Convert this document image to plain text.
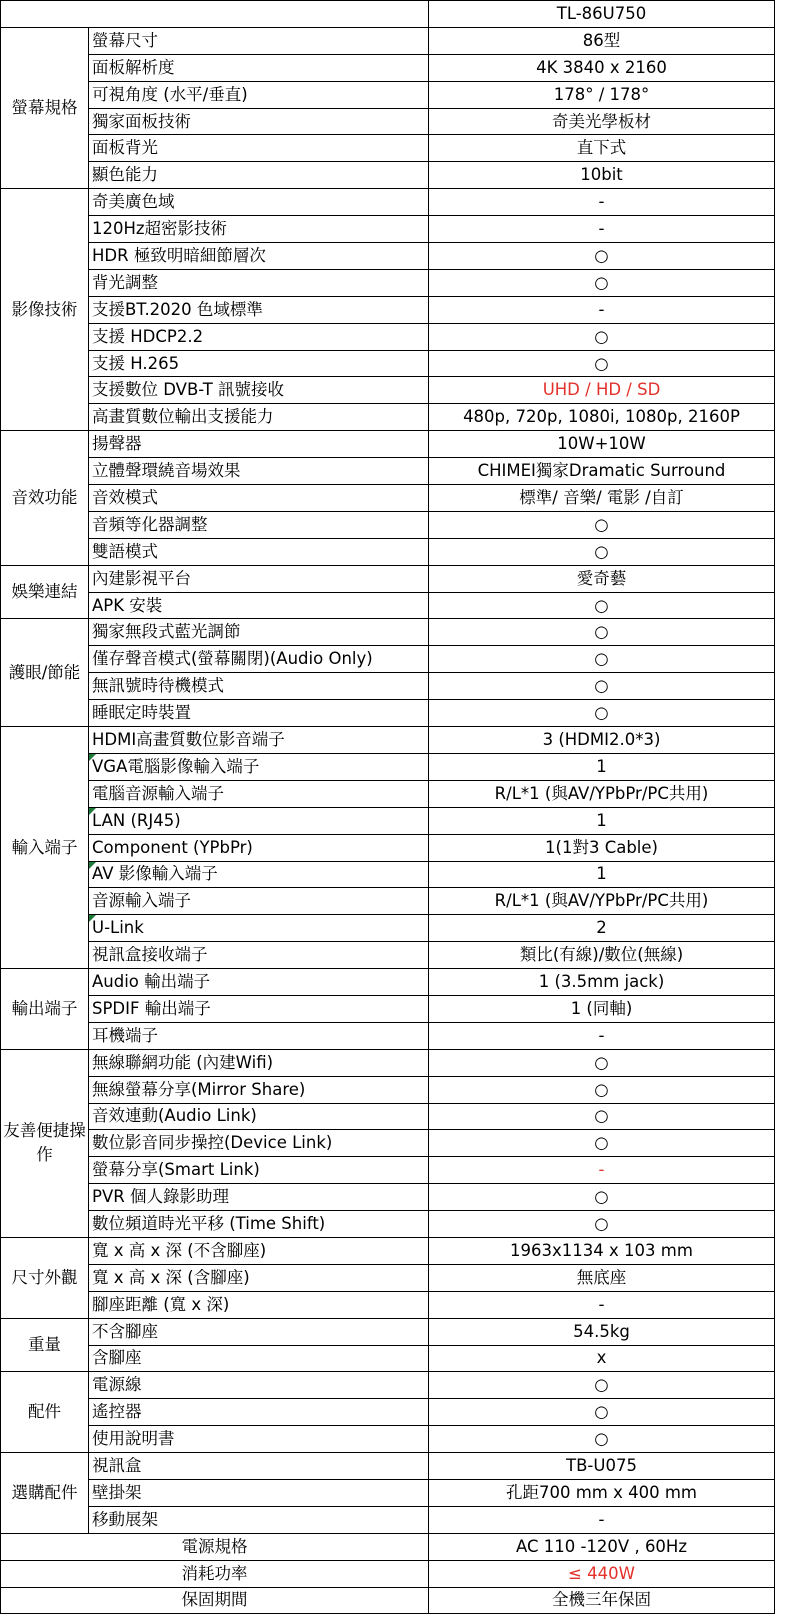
		TL-86U750
螢幕規格	螢幕尺寸	86型
	面板解析度	4K 3840 x 2160
	可視角度 (水平/垂直)	178° / 178°
	獨家面板技術	奇美光學板材
	面板背光	直下式
	顯色能力	10bit
影像技術	奇美廣色域	-
	120Hz超密影技術	-
	HDR 極致明暗細節層次	○
	背光調整	○
	支援BT.2020 色域標準	-
	支援 HDCP2.2	○
	支援 H.265	○
	支援數位 DVB-T 訊號接收	UHD / HD / SD
	高畫質數位輸出支援能力	480p, 720p, 1080i, 1080p, 2160P
音效功能	揚聲器	10W+10W
	立體聲環繞音場效果	CHIMEI獨家Dramatic Surround
	音效模式	標準/ 音樂/ 電影 /自訂
	音頻等化器調整	○
	雙語模式	○
娛樂連結	內建影視平台	愛奇藝
	APK 安裝	○
護眼/節能	獨家無段式藍光調節	○
	僅存聲音模式(螢幕關閉)(Audio Only)	○
	無訊號時待機模式	○
	睡眠定時裝置	○
輸入端子	HDMI高畫質數位影音端子	3 (HDMI2.0*3)
	VGA電腦影像輸入端子	1
	電腦音源輸入端子	R/L*1 (與AV/YPbPr/PC共用)
	LAN (RJ45)	1
	Component (YPbPr)	1(1對3 Cable)
	AV 影像輸入端子	1
	音源輸入端子	R/L*1 (與AV/YPbPr/PC共用)
	U-Link	2
	視訊盒接收端子	類比(有線)/數位(無線)
輸出端子	Audio 輸出端子	1 (3.5mm jack)
	SPDIF 輸出端子	1 (同軸)
	耳機端子	-
友善便捷操作	無線聯網功能 (內建Wifi)	○
	無線螢幕分享(Mirror Share)	○
	音效連動(Audio Link)	○
	數位影音同步操控(Device Link)	○
	螢幕分享(Smart Link)	-
	PVR 個人錄影助理	○
	數位頻道時光平移 (Time Shift)	○
尺寸外觀	寬 x 高 x 深 (不含腳座)	1963x1134 x 103 mm
	寬 x 高 x 深 (含腳座)	無底座
	腳座距離 (寬 x 深)	-
重量	不含腳座	54.5kg
	含腳座	x
配件	電源線	○
	遙控器	○
	使用說明書	○
選購配件	視訊盒	TB-U075
	壁掛架	孔距700 mm x 400 mm
	移動展架	-
電源規格		AC 110 -120V , 60Hz
消耗功率		≤ 440W
保固期間		全機三年保固
